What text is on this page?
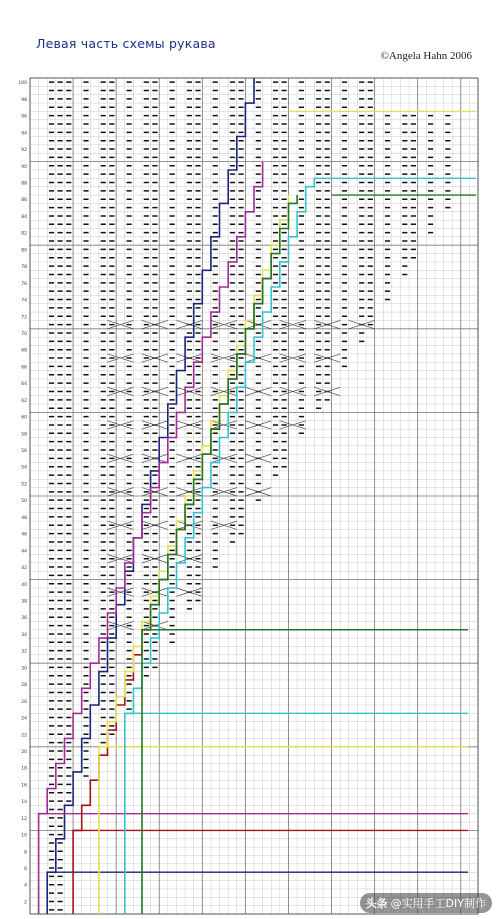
Левая часть схемы рукава
©Angela Hahn 2006
2
4
6
8
10
12
14
16
18
20
22
24
26
28
30
32
34
36
38
40
42
44
46
48
50
52
54
56
58
60
62
64
66
68
70
72
74
76
78
80
82
84
86
88
90
92
94
96
98
100
头条 @实用手工DIY制作
